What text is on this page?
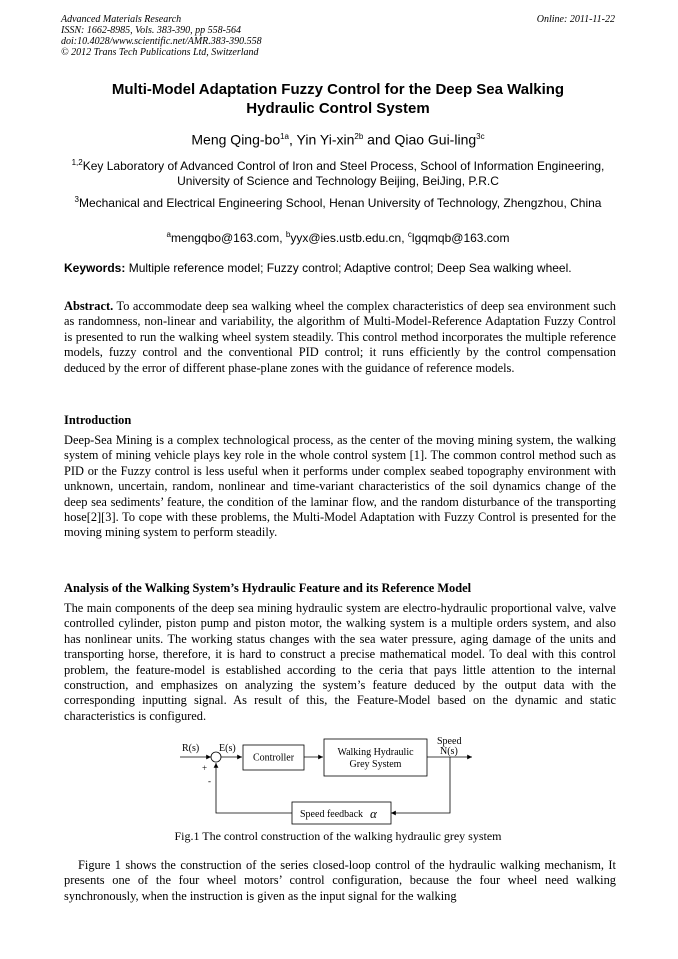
Advanced Materials Research
ISSN: 1662-8985, Vols. 383-390, pp 558-564
doi:10.4028/www.scientific.net/AMR.383-390.558
© 2012 Trans Tech Publications Ltd, Switzerland
Online: 2011-11-22
Multi-Model Adaptation Fuzzy Control for the Deep Sea Walking
Hydraulic Control System
Meng Qing-$bo^{1a}$, Yin Yi-xin$^{2b}$ and Qiao Gui-ling$^{3c}$
$^{1,2}$Key Laboratory of Advanced Control of Iron and Steel Process, School of Information Engineering, University of Science and Technology Beijing, BeiJing, P.R.C
$^3$Mechanical and Electrical Engineering School, Henan University of Technology, Zhengzhou, China
$^a$mengqbo@163.com, $^b$yyx@ies.ustb.edu.cn, $^c$lgqmqb@163.com
Keywords: Multiple reference model; Fuzzy control; Adaptive control; Deep Sea walking wheel.
Abstract. To accommodate deep sea walking wheel the complex characteristics of deep sea environment such as randomness, non-linear and variability, the algorithm of Multi-Model-Reference Adaptation Fuzzy Control is presented to run the walking wheel system steadily. This control method incorporates the multiple reference models, fuzzy control and the conventional PID control; it runs efficiently by the control compensation deduced by the error of different phase-plane zones with the guidance of reference models.
Introduction
Deep-Sea Mining is a complex technological process, as the center of the moving mining system, the walking system of mining vehicle plays key role in the whole control system [1]. The common control method such as PID or the Fuzzy control is less useful when it performs under complex seabed topography environment with unknown, uncertain, random, nonlinear and time-variant characteristics of the soil dynamics change of the deep sea sediments’ feature, the condition of the laminar flow, and the random disturbance of the transporting hose[2][3]. To cope with these problems, the Multi-Model Adaptation with Fuzzy Control is presented for the moving mining system to perform steadily.
Analysis of the Walking System’s Hydraulic Feature and its Reference Model
The main components of the deep sea mining hydraulic system are electro-hydraulic proportional valve, valve controlled cylinder, piston pump and piston motor, the walking system is a multiple orders system, and also has nonlinear units. The working status changes with the sea water pressure, aging damage of the units and transporting horse, therefore, it is hard to construct a precise mathematical model. To deal with this control problem, the feature-model is established according to the ceria that pays little attention to the internal construction, and emphasizes on analyzing the system’s feature deduced by the output data with the corresponding inputting signal. As result of this, the Feature-Model based on the dynamic and static characteristics is configured.
R(s) E(s)
+
-
Controller	Walking Hydraulic
Grey System
Speed
N(s)
Speed feedback α
Fig.1 The control construction of the walking hydraulic grey system
Figure 1 shows the construction of the series closed-loop control of the hydraulic walking mechanism, It presents one of the four wheel motors’ control configuration, because the four wheel need walking synchronously, when the instruction is given as the input signal for the walking
